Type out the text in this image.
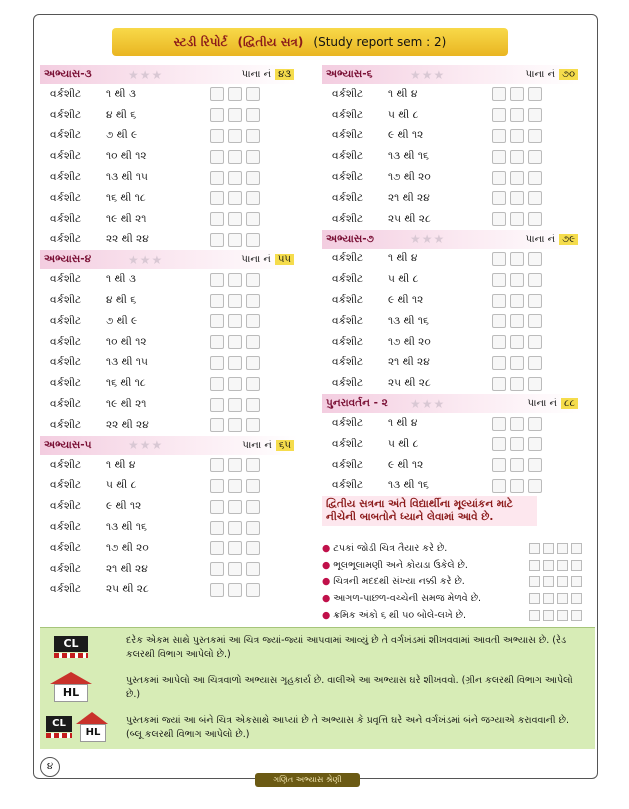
સ્ટડી રિપોર્ટ (દ્વિતીય સત્ર) (Study report sem : 2)
અભ્યાસ-૩	★★★	પાના નં ૪૩
વર્કશીટ	૧ થી ૩
વર્કશીટ	૪ થી ૬
વર્કશીટ	૭ થી ૯
વર્કશીટ	૧૦ થી ૧૨
વર્કશીટ	૧૩ થી ૧૫
વર્કશીટ	૧૬ થી ૧૮
વર્કશીટ	૧૯ થી ૨૧
વર્કશીટ	૨૨ થી ૨૪
અભ્યાસ-૪	★★★	પાના નં ૫૫
વર્કશીટ	૧ થી ૩
વર્કશીટ	૪ થી ૬
વર્કશીટ	૭ થી ૯
વર્કશીટ	૧૦ થી ૧૨
વર્કશીટ	૧૩ થી ૧૫
વર્કશીટ	૧૬ થી ૧૮
વર્કશીટ	૧૯ થી ૨૧
વર્કશીટ	૨૨ થી ૨૪
અભ્યાસ-૫	★★★	પાના નં ૬૫
વર્કશીટ	૧ થી ૪
વર્કશીટ	૫ થી ૮
વર્કશીટ	૯ થી ૧૨
વર્કશીટ	૧૩ થી ૧૬
વર્કશીટ	૧૭ થી ૨૦
વર્કશીટ	૨૧ થી ૨૪
વર્કશીટ	૨૫ થી ૨૮
અભ્યાસ-૬	★★★	પાના નં ૭૦
વર્કશીટ	૧ થી ૪
વર્કશીટ	૫ થી ૮
વર્કશીટ	૯ થી ૧૨
વર્કશીટ	૧૩ થી ૧૬
વર્કશીટ	૧૭ થી ૨૦
વર્કશીટ	૨૧ થી ૨૪
વર્કશીટ	૨૫ થી ૨૮
અભ્યાસ-૭	★★★	પાના નં ૭૯
વર્કશીટ	૧ થી ૪
વર્કશીટ	૫ થી ૮
વર્કશીટ	૯ થી ૧૨
વર્કશીટ	૧૩ થી ૧૬
વર્કશીટ	૧૭ થી ૨૦
વર્કશીટ	૨૧ થી ૨૪
વર્કશીટ	૨૫ થી ૨૮
પુનરાવર્તન - ૨	★★★	પાના નં ૮૮
વર્કશીટ	૧ થી ૪
વર્કશીટ	૫ થી ૮
વર્કશીટ	૯ થી ૧૨
વર્કશીટ	૧૩ થી ૧૬
દ્વિતીય સત્રના અંતે વિદ્યાર્થીના મૂલ્યાંકન માટે
નીચેની બાબતોને ધ્યાને લેવામાં આવે છે.
● ટપકાં જોડી ચિત્ર તૈયાર કરે છે.
● ભૂલભૂલામણી અને કોયડા ઉકેલે છે.
● ચિત્રની મદદથી સંખ્યા નક્કી કરે છે.
● આગળ-પાછળ-વચ્ચેની સમજ મેળવે છે.
● ક્રમિક અંકો ૬ થી ૫૦ બોલે-લખે છે.
CL	દરેક એકમ સાથે પુસ્તકમાં આ ચિત્ર જ્યાં-જ્યાં આપવામાં આવ્યું છે તે વર્ગખંડમાં શીખવવામાં આવતી અભ્યાસ છે. (રેડ કલરથી વિભાગ આપેલો છે.)
HL
પુસ્તકમાં આપેલો આ ચિત્રવાળો અભ્યાસ ગૃહકાર્ય છે. વાલીએ આ અભ્યાસ ઘરે શીખવવો. (ગ્રીન કલરથી વિભાગ આપેલો છે.)
CL
HL
પુસ્તકમાં જ્યાં આ બંને ચિત્ર એકસાથે આપ્યાં છે તે અભ્યાસ કે પ્રવૃત્તિ ઘરે અને વર્ગખંડમાં બંને જગ્યાએ કરાવવાની છે. (બ્લૂ કલરથી વિભાગ આપેલો છે.)
૪
ગણિત અભ્યાસ શ્રેણી
